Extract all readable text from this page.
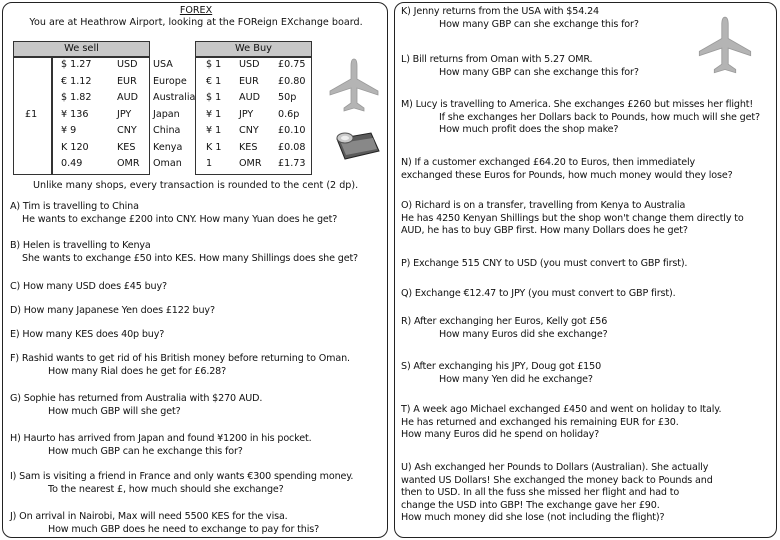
FOREX
You are at Heathrow Airport, looking at the FOReign EXchange board.
We sell	We Buy
£1
$ 1.27	USD USA	$ 1 USD £0.75
€ 1.12	EUR Europe € 1 EUR £0.80
$ 1.82	AUD Australia $ 1 AUD 50p
¥ 136	JPY Japan	¥ 1 JPY	0.6p
¥ 9	CNY China	¥ 1 CNY £0.10
K 120	KES Kenya K 1 KES £0.08
0.49	OMR Oman	1	OMR £1.73
Unlike many shops, every transaction is rounded to the cent (2 dp).
A) Tim is travelling to China
He wants to exchange £200 into CNY. How many Yuan does he get?
B) Helen is travelling to Kenya
She wants to exchange £50 into KES. How many Shillings does she get?
C) How many USD does £45 buy?
D) How many Japanese Yen does £122 buy?
E) How many KES does 40p buy?
F) Rashid wants to get rid of his British money before returning to Oman.
How many Rial does he get for £6.28?
G) Sophie has returned from Australia with $270 AUD.
How much GBP will she get?
H) Haurto has arrived from Japan and found ¥1200 in his pocket.
How much GBP can he exchange this for?
I) Sam is visiting a friend in France and only wants €300 spending money.
To the nearest £, how much should she exchange?
J) On arrival in Nairobi, Max will need 5500 KES for the visa.
How much GBP does he need to exchange to pay for this?
K) Jenny returns from the USA with $54.24
How many GBP can she exchange this for?
L) Bill returns from Oman with 5.27 OMR.
How many GBP can she exchange this for?
M) Lucy is travelling to America. She exchanges £260 but misses her flight!
If she exchanges her Dollars back to Pounds, how much will she get?
How much profit does the shop make?
N) If a customer exchanged £64.20 to Euros, then immediately
exchanged these Euros for Pounds, how much money would they lose?
O) Richard is on a transfer, travelling from Kenya to Australia
He has 4250 Kenyan Shillings but the shop won't change them directly to
AUD, he has to buy GBP first. How many Dollars does he get?
P) Exchange 515 CNY to USD (you must convert to GBP first).
Q) Exchange €12.47 to JPY (you must convert to GBP first).
R) After exchanging her Euros, Kelly got £56
How many Euros did she exchange?
S) After exchanging his JPY, Doug got £150
How many Yen did he exchange?
T) A week ago Michael exchanged £450 and went on holiday to Italy.
He has returned and exchanged his remaining EUR for £30.
How many Euros did he spend on holiday?
U) Ash exchanged her Pounds to Dollars (Australian). She actually
wanted US Dollars! She exchanged the money back to Pounds and
then to USD. In all the fuss she missed her flight and had to
change the USD into GBP! The exchange gave her £90.
How much money did she lose (not including the flight)?
